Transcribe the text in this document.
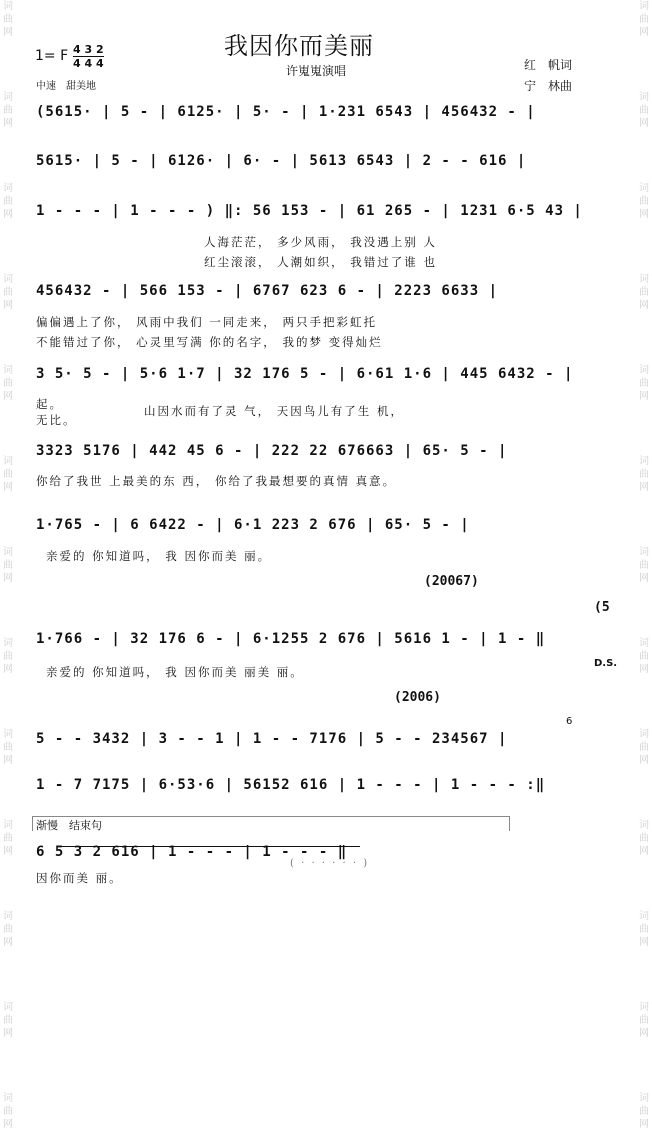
词曲网
词曲网
词曲网
词曲网
词曲网
词曲网
词曲网
词曲网
词曲网
词曲网
词曲网
词曲网
词曲网
词曲网
词曲网
词曲网
词曲网
词曲网
词曲网
词曲网
词曲网
词曲网
词曲网
词曲网
词曲网
词曲网
我因你而美丽
许嵬嵬演唱	红　帆词
宁　林曲
1= F 4 3 2
4 4 4
中速　甜美地
(5615· | 5 - | 6125· | 5· - | 1·231 6543 | 456432 - |
5615· | 5 - | 6126· | 6· - | 5613 6543 | 2 - - 616 |
1 - - - | 1 - - - ) ‖: 56 153 - | 61 265 - | 1231 6·5 43 |
人海茫茫， 多少风雨， 我没遇上别 人
红尘滚滚， 人潮如织， 我错过了谁 也
456432 - | 566 153 - | 6767 623 6 - | 2223 6633 |
偏偏遇上了你， 风雨中我们 一同走来， 两只手把彩虹托
不能错过了你， 心灵里写满 你的名字， 我的梦 变得灿烂
3 5· 5 - | 5·6 1·7 | 32 176 5 - | 6·61 1·6 | 445 6432 - |
起。
无比。
山因水而有了灵 气， 天因鸟儿有了生 机，
3323 5176 | 442 45 6 - | 222 22 676663 | 65· 5 - |
你给了我世 上最美的东 西， 你给了我最想要的真情 真意。
1·765 - | 6 6422 - | 6·1 223 2 676 | 65· 5 - |
亲爱的 你知道吗， 我 因你而美 丽。
(20067)
(5
1·766 - | 32 176 6 - | 6·1255 2 676 | 5616 1 - | 1 - ‖
亲爱的 你知道吗， 我 因你而美 丽美 丽。
D.S.
(2006)
5 - - 3432 | 3 - - 1 | 1 - - 7176 | 5 - - 234567 |
6
1 - 7 7175 | 6·53·6 | 56152 616 | 1 - - - | 1 - - - :‖
渐慢　结束句
6 5 3 2 616 | 1 - - - | 1 - - - ‖
因你而美 丽。
( · · · · · · )
